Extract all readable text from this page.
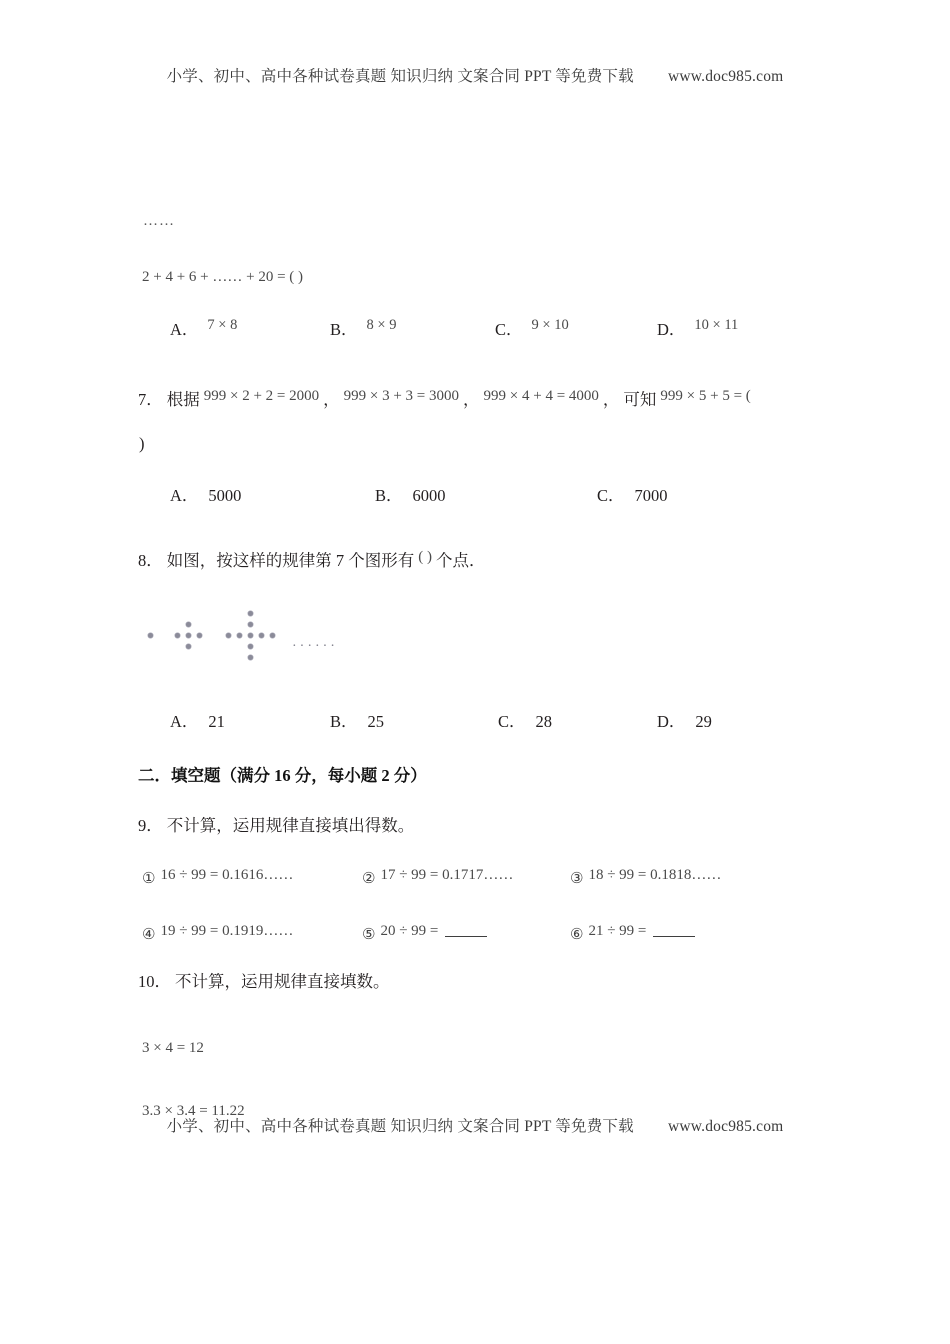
小学、初中、高中各种试卷真题 知识归纳 文案合同 PPT 等免费下载 www.doc985.com
……
2 + 4 + 6 + …… + 20 = ( )
A． 7 × 8	B． 8 × 9	C． 9 × 10	D． 10 × 11
7． 根据 999 × 2 + 2 = 2000 ， 999 × 3 + 3 = 3000 ， 999 × 4 + 4 = 4000 ， 可知 999 × 5 + 5 = (
)
A． 5000	B． 6000	C． 7000
8． 如图，按这样的规律第 7 个图形有 ( ) 个点．
······
A． 21	B． 25	C． 28	D． 29
二．填空题（满分 16 分，每小题 2 分）
9． 不计算，运用规律直接填出得数。
① 16 ÷ 99 = 0.1616……	② 17 ÷ 99 = 0.1717……	③ 18 ÷ 99 = 0.1818……
④ 19 ÷ 99 = 0.1919……	⑤ 20 ÷ 99 =	⑥ 21 ÷ 99 =
10． 不计算，运用规律直接填数。
3 × 4 = 12
3.3 × 3.4 = 11.22
小学、初中、高中各种试卷真题 知识归纳 文案合同 PPT 等免费下载 www.doc985.com
